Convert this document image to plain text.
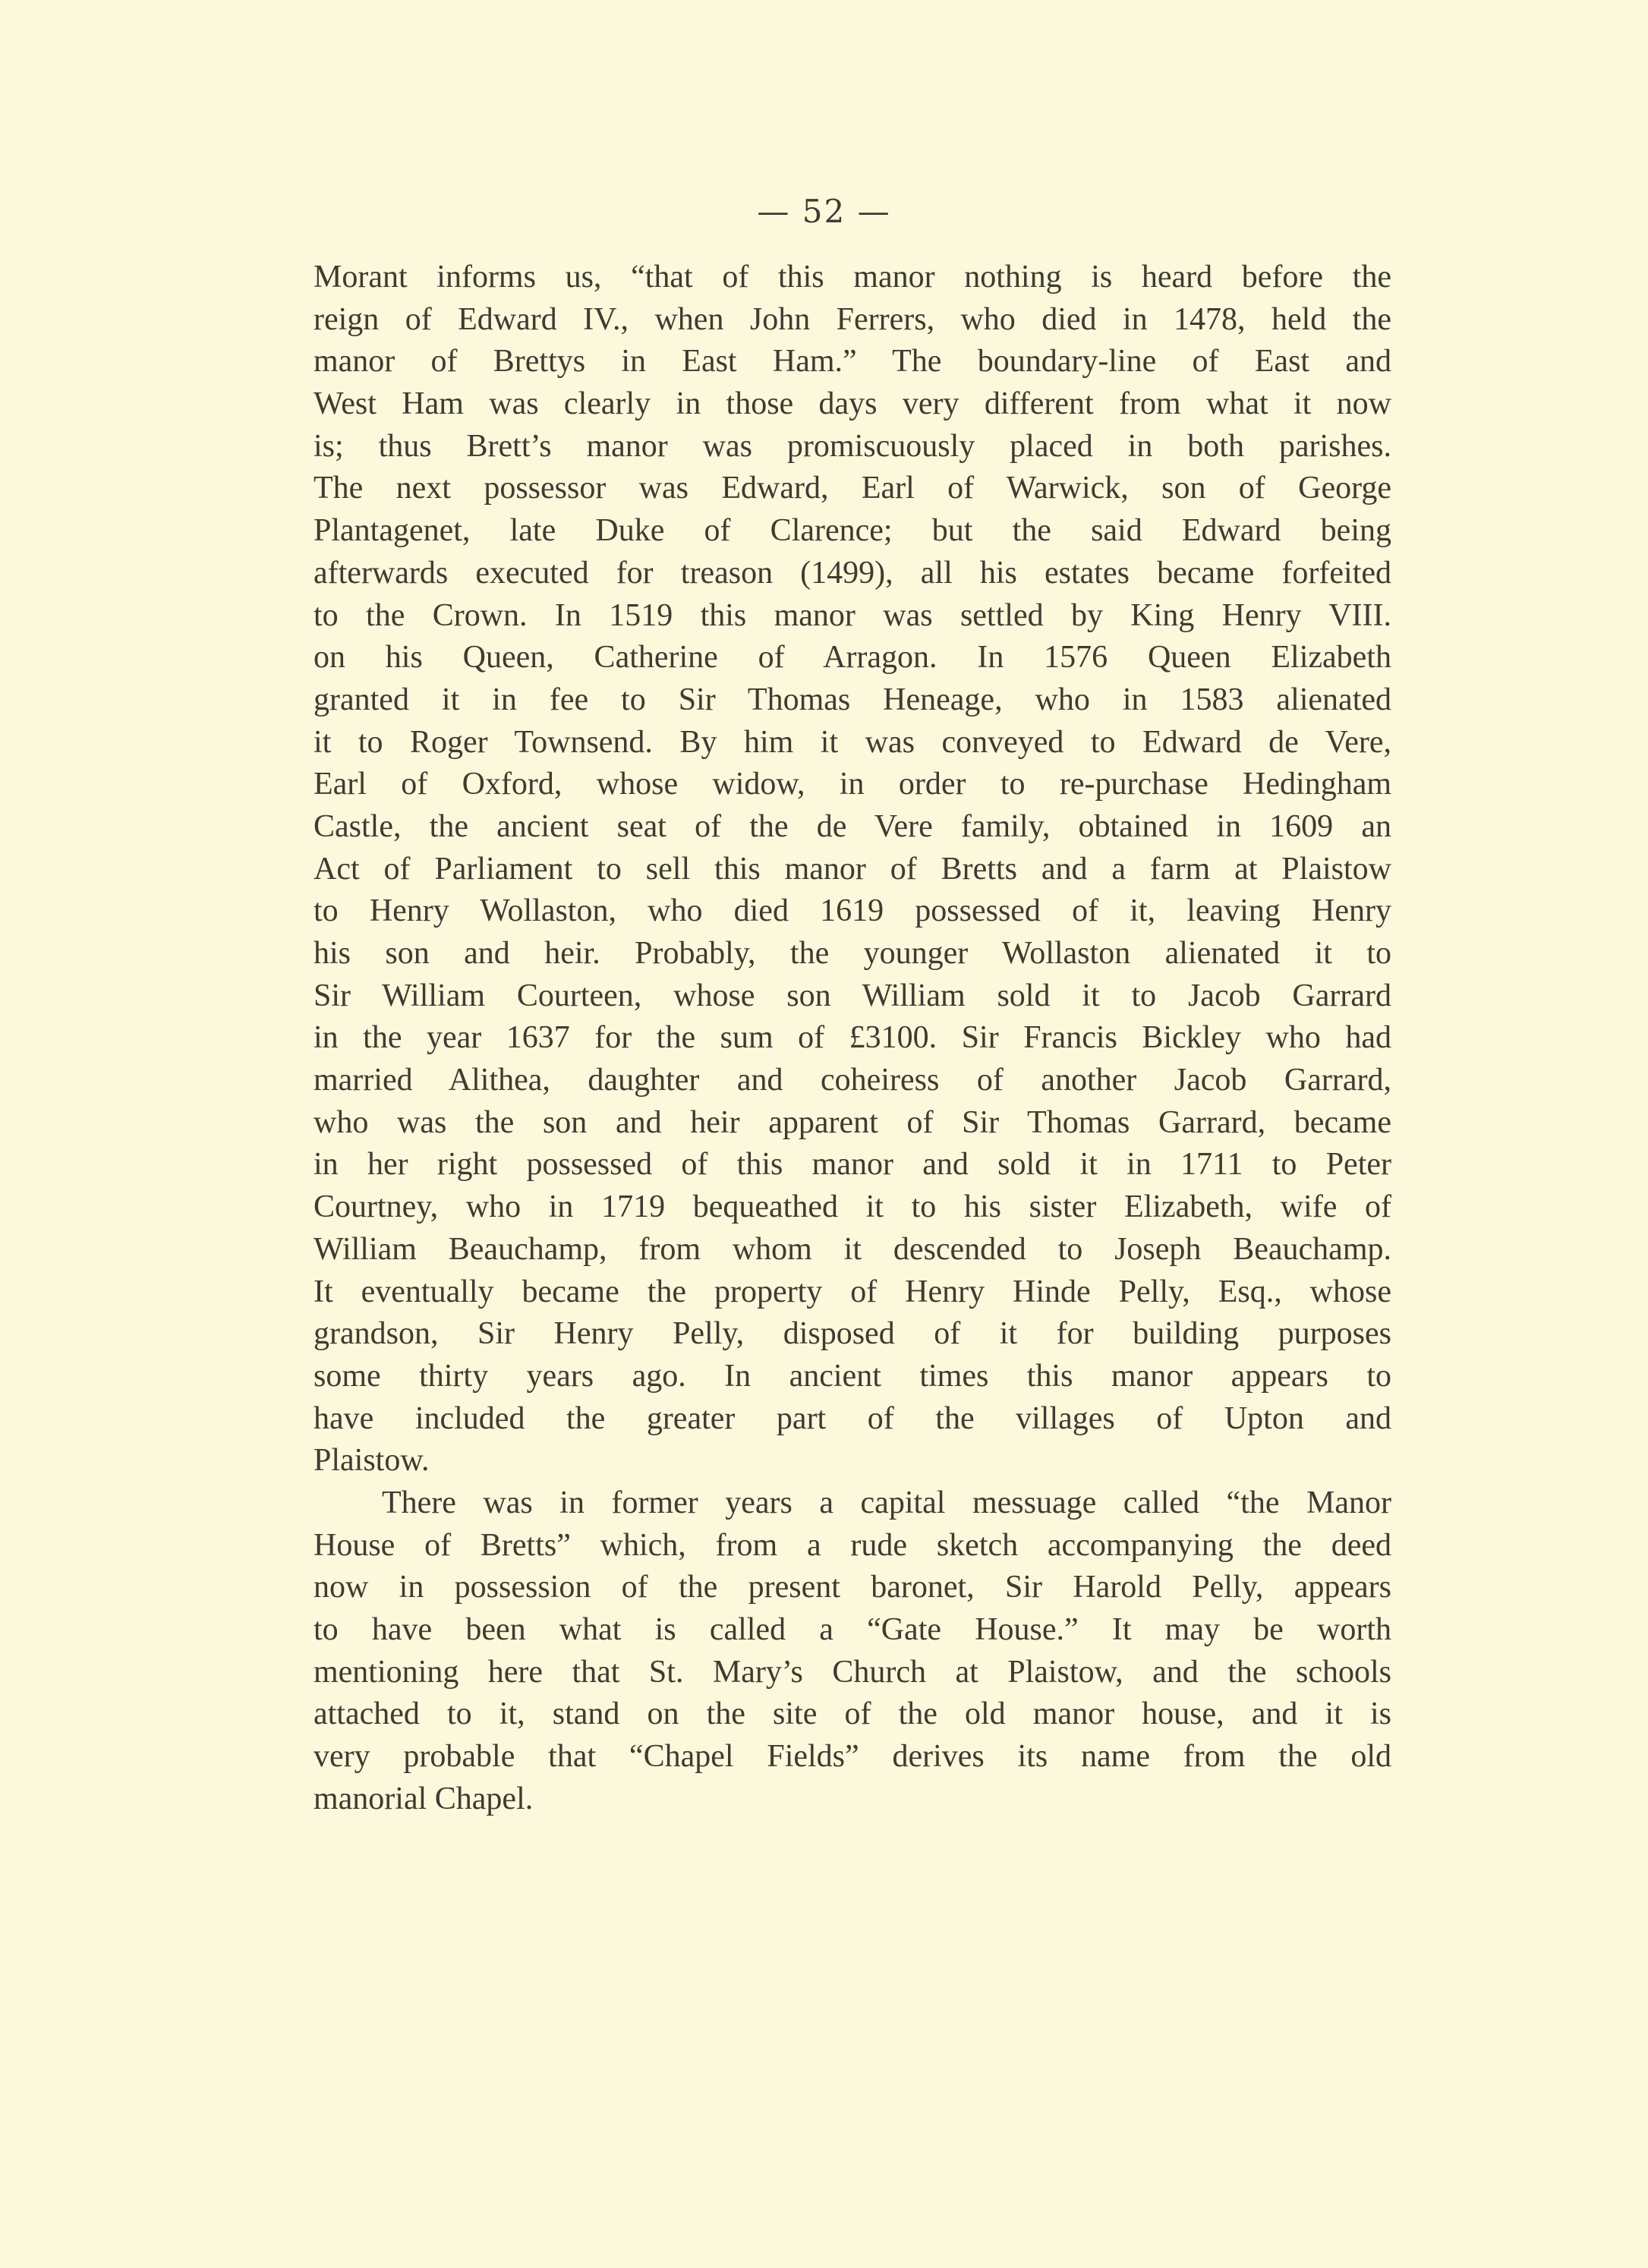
— 52 —
Morant informs us, “that of this manor nothing is heard before the
reign of Edward IV., when John Ferrers, who died in 1478, held the
manor of Brettys in East Ham.” The boundary-line of East and
West Ham was clearly in those days very different from what it now
is; thus Brett’s manor was promiscuously placed in both parishes.
The next possessor was Edward, Earl of Warwick, son of George
Plantagenet, late Duke of Clarence; but the said Edward being
afterwards executed for treason (1499), all his estates became forfeited
to the Crown. In 1519 this manor was settled by King Henry VIII.
on his Queen, Catherine of Arragon. In 1576 Queen Elizabeth
granted it in fee to Sir Thomas Heneage, who in 1583 alienated
it to Roger Townsend. By him it was conveyed to Edward de Vere,
Earl of Oxford, whose widow, in order to re-purchase Hedingham
Castle, the ancient seat of the de Vere family, obtained in 1609 an
Act of Parliament to sell this manor of Bretts and a farm at Plaistow
to Henry Wollaston, who died 1619 possessed of it, leaving Henry
his son and heir. Probably, the younger Wollaston alienated it to
Sir William Courteen, whose son William sold it to Jacob Garrard
in the year 1637 for the sum of £3100. Sir Francis Bickley who had
married Alithea, daughter and coheiress of another Jacob Garrard,
who was the son and heir apparent of Sir Thomas Garrard, became
in her right possessed of this manor and sold it in 1711 to Peter
Courtney, who in 1719 bequeathed it to his sister Elizabeth, wife of
William Beauchamp, from whom it descended to Joseph Beauchamp.
It eventually became the property of Henry Hinde Pelly, Esq., whose
grandson, Sir Henry Pelly, disposed of it for building purposes
some thirty years ago. In ancient times this manor appears to
have included the greater part of the villages of Upton and
Plaistow.
There was in former years a capital messuage called “the Manor
House of Bretts” which, from a rude sketch accompanying the deed
now in possession of the present baronet, Sir Harold Pelly, appears
to have been what is called a “Gate House.” It may be worth
mentioning here that St. Mary’s Church at Plaistow, and the schools
attached to it, stand on the site of the old manor house, and it is
very probable that “Chapel Fields” derives its name from the old
manorial Chapel.
